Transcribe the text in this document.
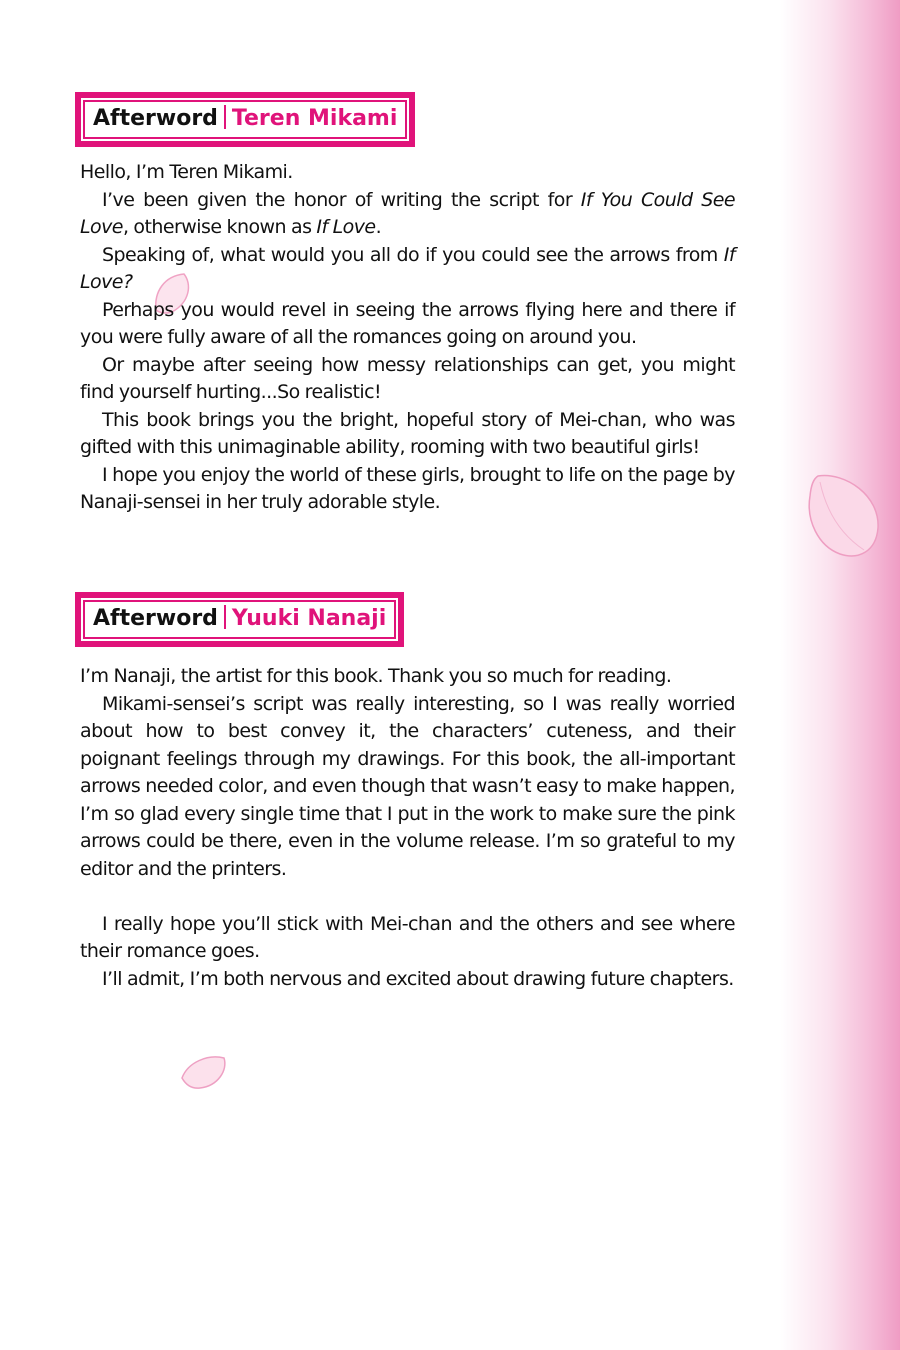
Afterword Teren Mikami

Hello, I’m Teren Mikami.

I’ve been given the honor of writing the script for If You Could See Love, otherwise known as If Love.

Speaking of, what would you all do if you could see the arrows from If Love?

Perhaps you would revel in seeing the arrows flying here and there if you were fully aware of all the romances going on around you.

Or maybe after seeing how messy relationships can get, you might find yourself hurting...So realistic!

This book brings you the bright, hopeful story of Mei-chan, who was gifted with this unimaginable ability, rooming with two beautiful girls!

I hope you enjoy the world of these girls, brought to life on the page by Nanaji-sensei in her truly adorable style.

Afterword Yuuki Nanaji

I’m Nanaji, the artist for this book. Thank you so much for reading.

Mikami-sensei’s script was really interesting, so I was really worried about how to best convey it, the characters’ cuteness, and their poignant feelings through my drawings. For this book, the all-important arrows needed color, and even though that wasn’t easy to make happen, I’m so glad every single time that I put in the work to make sure the pink arrows could be there, even in the volume release. I’m so grateful to my editor and the printers.

I really hope you’ll stick with Mei-chan and the others and see where their romance goes.

I’ll admit, I’m both nervous and excited about drawing future chapters.
